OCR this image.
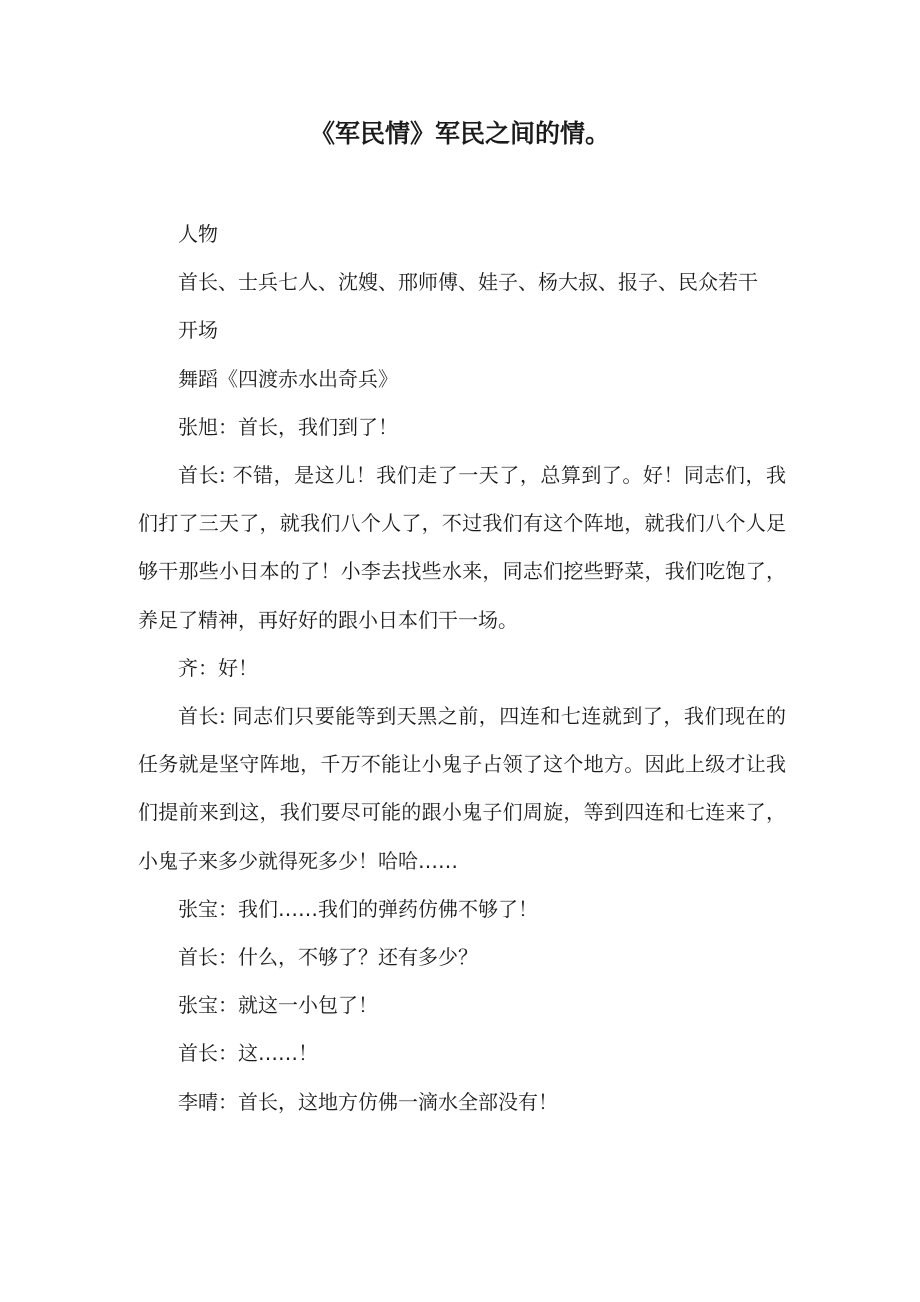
《军民情》军民之间的情。

人物

首长、士兵七人、沈嫂、邢师傅、娃子、杨大叔、报子、民众若干

开场

舞蹈《四渡赤水出奇兵》

张旭：首长，我们到了！

首长: 不错，是这儿！我们走了一天了，总算到了。好！同志们，我们打了三天了，就我们八个人了，不过我们有这个阵地，就我们八个人足够干那些小日本的了！小李去找些水来，同志们挖些野菜，我们吃饱了，养足了精神，再好好的跟小日本们干一场。

齐：好！

首长: 同志们只要能等到天黑之前，四连和七连就到了，我们现在的任务就是坚守阵地，千万不能让小鬼子占领了这个地方。因此上级才让我们提前来到这，我们要尽可能的跟小鬼子们周旋，等到四连和七连来了，小鬼子来多少就得死多少！哈哈……

张宝：我们……我们的弹药仿佛不够了！

首长：什么，不够了？还有多少？

张宝：就这一小包了！

首长：这……！

李晴：首长，这地方仿佛一滴水全部没有！
